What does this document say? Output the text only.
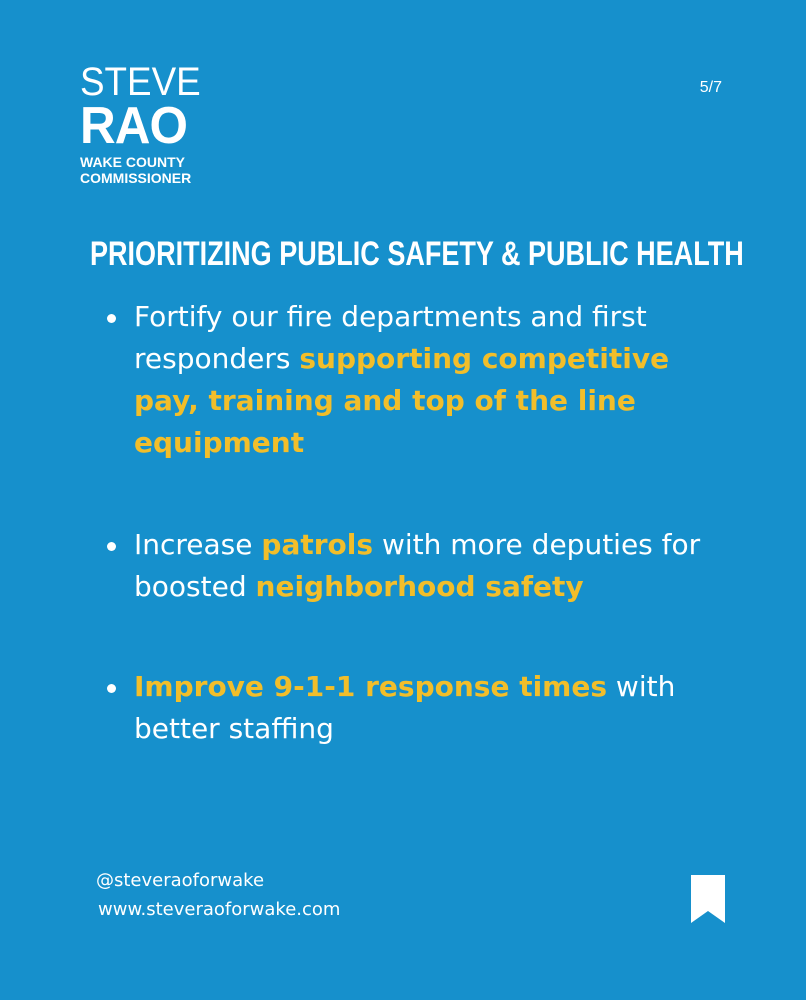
STEVE
RAO
WAKE COUNTY
COMMISSIONER
5/7
PRIORITIZING PUBLIC SAFETY & PUBLIC HEALTH
Fortify our fire departments and first responders supporting competitive pay, training and top of the line equipment
Increase patrols with more deputies for boosted neighborhood safety
Improve 9-1-1 response times with better staffing
@steveraoforwake
www.steveraoforwake.com
